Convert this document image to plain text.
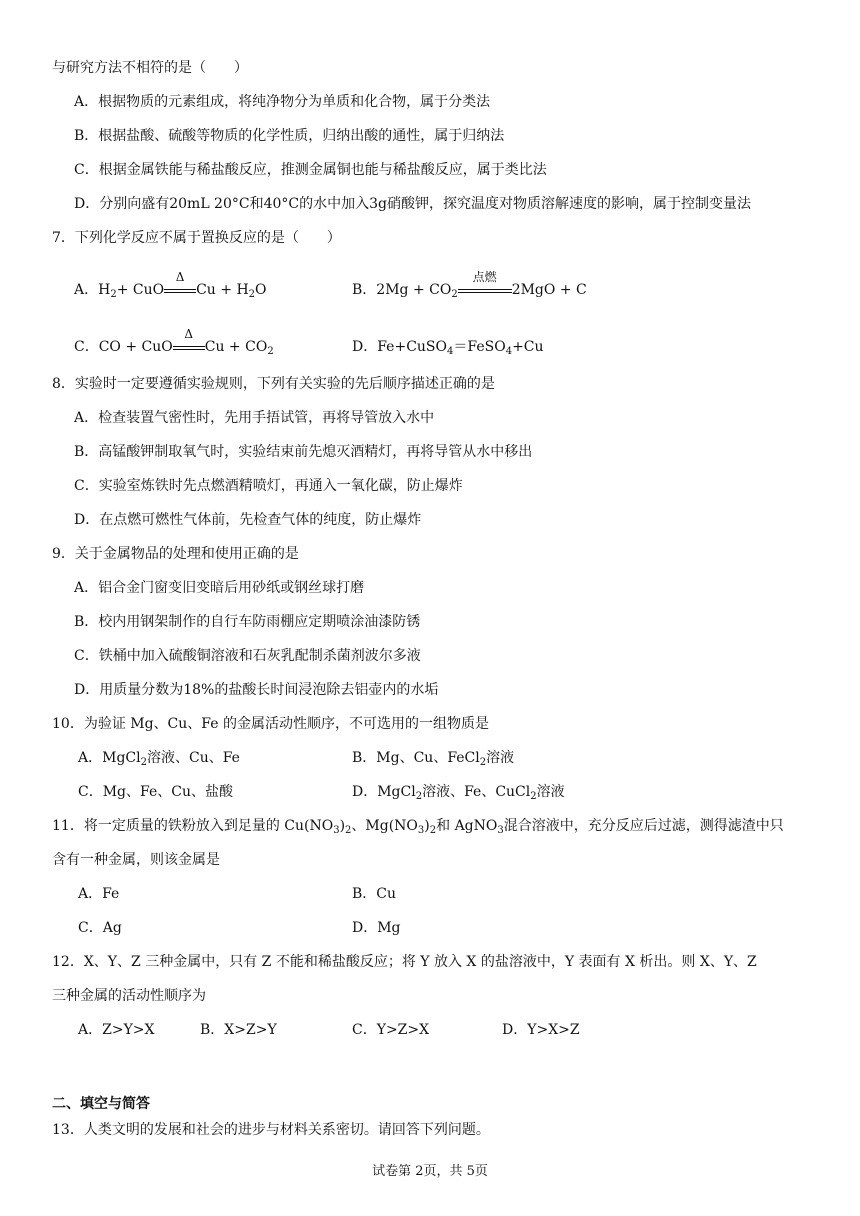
与研究方法不相符的是（　　）
A．根据物质的元素组成，将纯净物分为单质和化合物，属于分类法
B．根据盐酸、硫酸等物质的化学性质，归纳出酸的通性，属于归纳法
C．根据金属铁能与稀盐酸反应，推测金属铜也能与稀盐酸反应，属于类比法
D．分别向盛有20mL 20°C和40°C的水中加入3g硝酸钾，探究温度对物质溶解速度的影响，属于控制变量法
7．下列化学反应不属于置换反应的是（　　）
A．$H_2+$ CuO
Δ
$Cu + H_2O$	B．$2Mg + CO_2$
点燃
2MgO + C
C．CO + CuO
Δ
$Cu + CO_2$	D．Fe+CuSO$_4$＝FeSO$_4$+Cu
8．实验时一定要遵循实验规则，下列有关实验的先后顺序描述正确的是
A．检查装置气密性时，先用手捂试管，再将导管放入水中
B．高锰酸钾制取氧气时，实验结束前先熄灭酒精灯，再将导管从水中移出
C．实验室炼铁时先点燃酒精喷灯，再通入一氧化碳，防止爆炸
D．在点燃可燃性气体前，先检查气体的纯度，防止爆炸
9．关于金属物品的处理和使用正确的是
A．铝合金门窗变旧变暗后用砂纸或钢丝球打磨
B．校内用钢架制作的自行车防雨棚应定期喷涂油漆防锈
C．铁桶中加入硫酸铜溶液和石灰乳配制杀菌剂波尔多液
D．用质量分数为18%的盐酸长时间浸泡除去铝壶内的水垢
10．为验证 Mg、Cu、Fe 的金属活动性顺序，不可选用的一组物质是
A．MgCl$_2$溶液、Cu、Fe	B．Mg、Cu、FeCl$_2$溶液
C．Mg、Fe、Cu、盐酸	D．MgCl$_2$溶液、Fe、CuCl$_2$溶液
11．将一定质量的铁粉放入到足量的 $Cu(NO_3)_2$、$Mg(NO_3)_2$和 AgNO$_3$混合溶液中，充分反应后过滤，测得滤渣中只
含有一种金属，则该金属是
A．Fe	B．Cu
C．Ag	D．Mg
12．X、Y、Z 三种金属中，只有 Z 不能和稀盐酸反应；将 Y 放入 X 的盐溶液中，Y 表面有 X 析出。则 X、Y、Z
三种金属的活动性顺序为
A．Z>Y>X	B．X>Z>Y	C．Y>Z>X	D．Y>X>Z
二、填空与简答
13．人类文明的发展和社会的进步与材料关系密切。请回答下列问题。
试卷第 2页，共 5页
